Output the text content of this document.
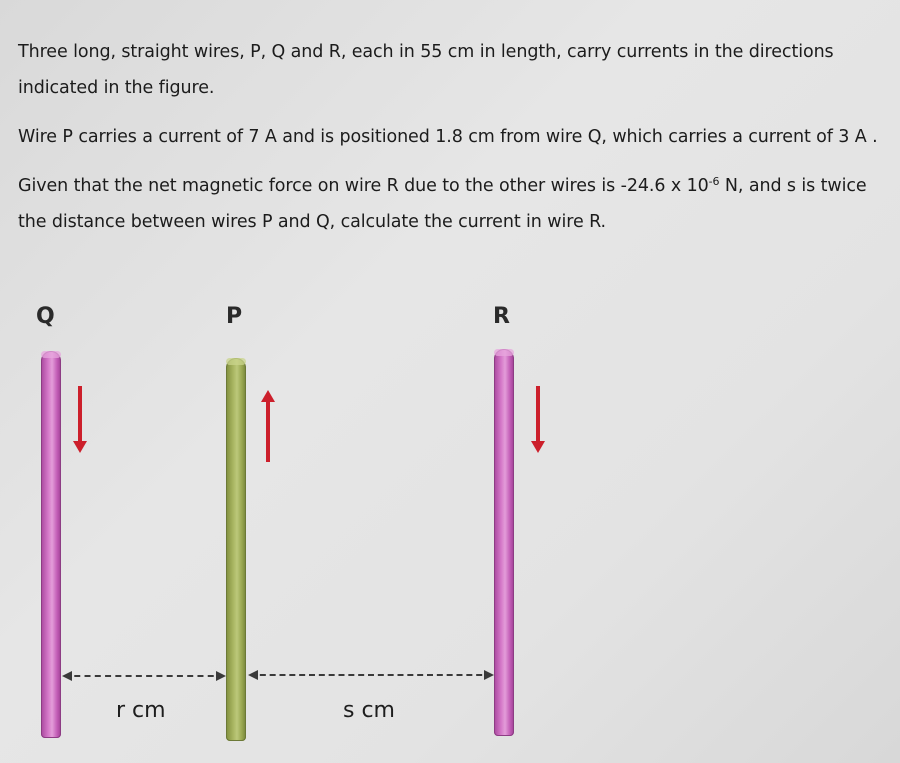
Three long, straight wires, P, Q and R, each in 55 cm in length, carry currents in the directions indicated in the figure.

Wire P carries a current of 7 A and is positioned 1.8 cm from wire Q, which carries a current of 3 A .

Given that the net magnetic force on wire R due to the other wires is -24.6 x $10^{-6}$ N, and s is twice the distance between wires P and Q, calculate the current in wire R.

Q	P	R
r cm	s cm
